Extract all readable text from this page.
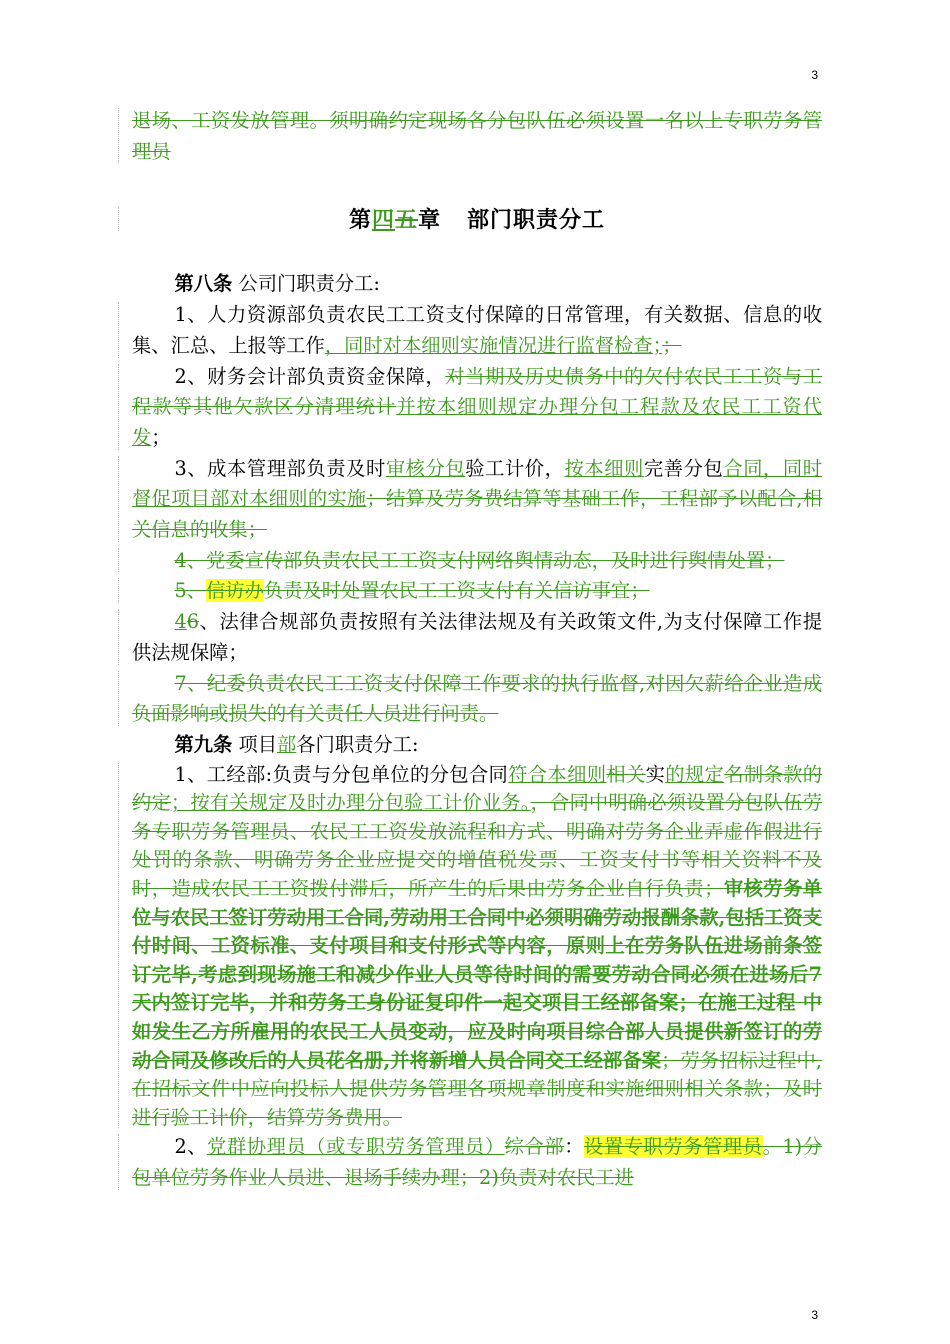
3

退场、工资发放管理。须明确约定现场各分包队伍必须设置一名以上专职劳务管理员

第四五章 部门职责分工

第八条 公司门职责分工:

1、人力资源部负责农民工工资支付保障的日常管理，有关数据、信息的收集、汇总、上报等工作，同时对本细则实施情况进行监督检查；；

2、财务会计部负责资金保障，对当期及历史债务中的欠付农民工工资与工程款等其他欠款区分清理统计并按本细则规定办理分包工程款及农民工工资代发；

3、成本管理部负责及时审核分包验工计价，按本细则完善分包合同，同时督促项目部对本细则的实施；结算及劳务费结算等基础工作，工程部予以配合,相关信息的收集；

4、党委宣传部负责农民工工资支付网络舆情动态，及时进行舆情处置；

5、信访办负责及时处置农民工工资支付有关信访事宜；

46、法律合规部负责按照有关法律法规及有关政策文件,为支付保障工作提供法规保障；

7、纪委负责农民工工资支付保障工作要求的执行监督,对因欠薪给企业造成负面影响或损失的有关责任人员进行问责。

第九条 项目部各门职责分工:

1、工经部:负责与分包单位的分包合同符合本细则相关实的规定名制条款的约定；按有关规定及时办理分包验工计价业务。，合同中明确必须设置分包队伍劳务专职劳务管理员、农民工工资发放流程和方式、明确对劳务企业弄虚作假进行处罚的条款、明确劳务企业应提交的增值税发票、工资支付书等相关资料不及时，造成农民工工资拨付滞后，所产生的后果由劳务企业自行负责；审核劳务单位与农民工签订劳动用工合同,劳动用工合同中必须明确劳动报酬条款,包括工资支付时间、工资标准、支付项目和支付形式等内容，原则上在劳务队伍进场前条签订完毕,考虑到现场施工和减少作业人员等待时间的需要劳动合同必须在进场后7天内签订完毕，并和劳务工身份证复印件一起交项目工经部备案；在施工过程 中如发生乙方所雇用的农民工人员变动，应及时向项目综合部人员提供新签订的劳动合同及修改后的人员花名册,并将新增人员合同交工经部备案；劳务招标过程中,在招标文件中应向投标人提供劳务管理各项规章制度和实施细则相关条款；及时进行验工计价，结算劳务费用。

2、党群协理员（或专职劳务管理员）综合部：设置专职劳务管理员。1)分包单位劳务作业人员进、退场手续办理；2)负责对农民工进

3
